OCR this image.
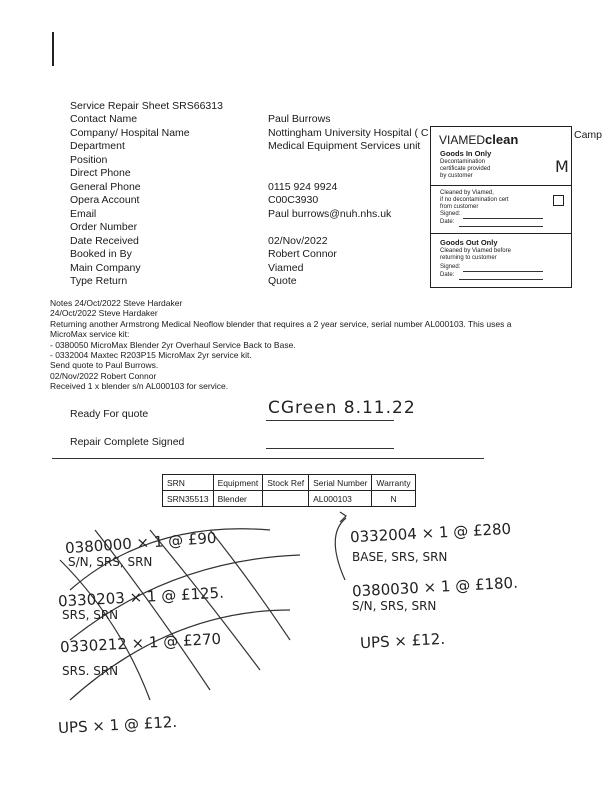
Service Repair Sheet SRS66313
Contact Name	Paul Burrows
Company/ Hospital Name	Nottingham University Hospital ( C
Department	Medical Equipment Services unit
Position
Direct Phone
General Phone	0115 924 9924
Opera Account	C00C3930
Email	Paul burrows@nuh.nhs.uk
Order Number
Date Received	02/Nov/2022
Booked in By	Robert Connor
Main Company	Viamed
Type Return	Quote
Camp
VIAMEDclean
Goods In Only
Decontamination
certificate provided
by customer	M
Cleaned by Viamed,
if no decontamination cert
from customer
Signed:
Date:
Goods Out Only
Cleaned by Viamed before
returning to customer
Signed:
Date:
Notes 24/Oct/2022 Steve Hardaker
24/Oct/2022 Steve Hardaker
Returning another Armstrong Medical Neoflow blender that requires a 2 year service, serial number AL000103. This uses a
MicroMax service kit:
- 0380050 MicroMax Blender 2yr Overhaul Service Back to Base.
- 0332004 Maxtec R203P15 MicroMax 2yr service kit.
Send quote to Paul Burrows.
02/Nov/2022 Robert Connor
Received 1 x blender s/n AL000103 for service.
Ready For quote	CGreen 8.11.22
Repair Complete Signed
SRN	Equipment	Stock Ref	Serial Number	Warranty
SRN35513	Blender		AL000103	N
0380000 × 1 @ £90
S/N, SRS, SRN
0330203 × 1 @ £125.
SRS, SRN
0330212 × 1 @ £270
SRS. SRN
UPS × 1 @ £12.
0332004 × 1 @ £280
BASE, SRS, SRN
0380030 × 1 @ £180.
S/N, SRS, SRN
UPS × £12.
